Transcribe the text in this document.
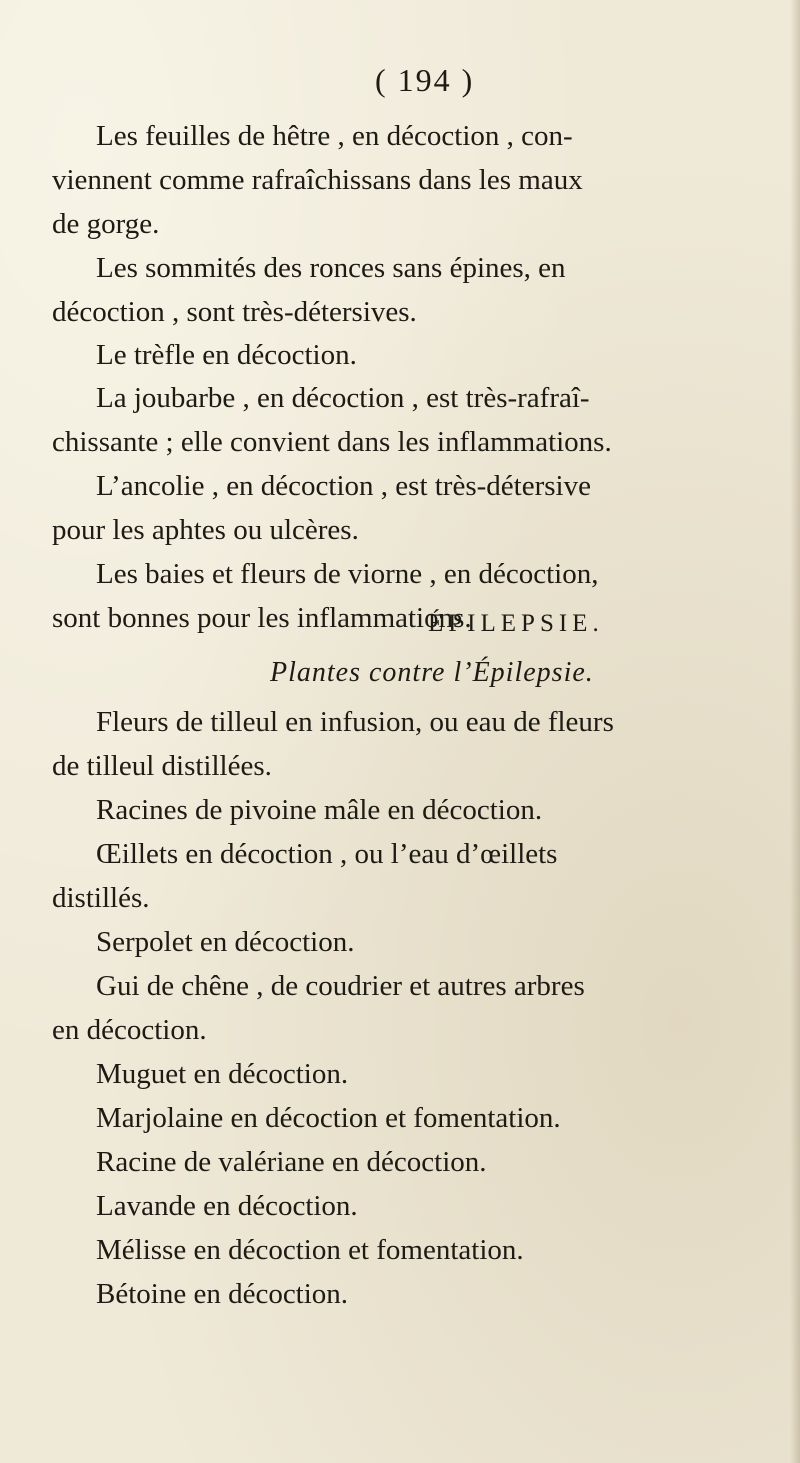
( 194 )
Les feuilles de hêtre , en décoction , con-
viennent comme rafraîchissans dans les maux
de gorge.
Les sommités des ronces sans épines, en
décoction , sont très-détersives.
Le trèfle en décoction.
La joubarbe , en décoction , est très-rafraî-
chissante ; elle convient dans les inflammations.
L’ancolie , en décoction , est très-détersive
pour les aphtes ou ulcères.
Les baies et fleurs de viorne , en décoction,
sont bonnes pour les inflammations.
ÉPILEPSIE.
Plantes contre l’Épilepsie.
Fleurs de tilleul en infusion, ou eau de fleurs
de tilleul distillées.
Racines de pivoine mâle en décoction.
Œillets en décoction , ou l’eau d’œillets
distillés.
Serpolet en décoction.
Gui de chêne , de coudrier et autres arbres
en décoction.
Muguet en décoction.
Marjolaine en décoction et fomentation.
Racine de valériane en décoction.
Lavande en décoction.
Mélisse en décoction et fomentation.
Bétoine en décoction.
